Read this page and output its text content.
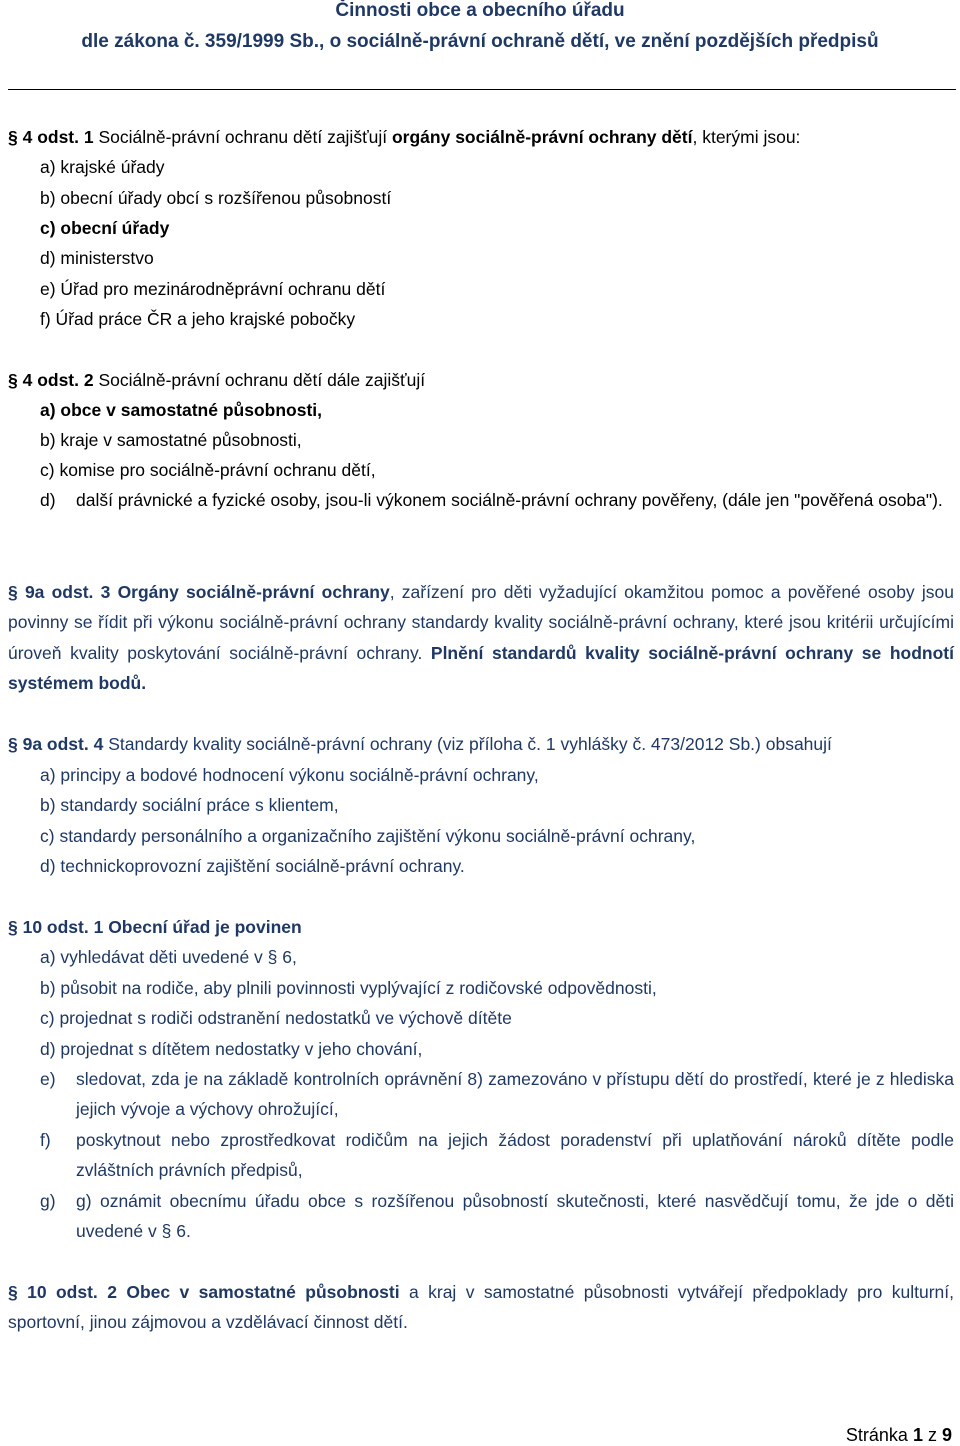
Činnosti obce a obecního úřadu
dle zákona č. 359/1999 Sb., o sociálně-právní ochraně dětí, ve znění pozdějších předpisů
§ 4 odst. 1 Sociálně-právní ochranu dětí zajišťují orgány sociálně-právní ochrany dětí, kterými jsou:
a) krajské úřady
b) obecní úřady obcí s rozšířenou působností
c) obecní úřady
d) ministerstvo
e) Úřad pro mezinárodněprávní ochranu dětí
f) Úřad práce ČR a jeho krajské pobočky
§ 4 odst. 2 Sociálně-právní ochranu dětí dále zajišťují
a) obce v samostatné působnosti,
b) kraje v samostatné působnosti,
c) komise pro sociálně-právní ochranu dětí,
d) další právnické a fyzické osoby, jsou-li výkonem sociálně-právní ochrany pověřeny, (dále jen "pověřená osoba").
§ 9a odst. 3 Orgány sociálně-právní ochrany, zařízení pro děti vyžadující okamžitou pomoc a pověřené osoby jsou povinny se řídit při výkonu sociálně-právní ochrany standardy kvality sociálně-právní ochrany, které jsou kritérii určujícími úroveň kvality poskytování sociálně-právní ochrany. Plnění standardů kvality sociálně-právní ochrany se hodnotí systémem bodů.
§ 9a odst. 4 Standardy kvality sociálně-právní ochrany (viz příloha č. 1 vyhlášky č. 473/2012 Sb.) obsahují
a) principy a bodové hodnocení výkonu sociálně-právní ochrany,
b) standardy sociální práce s klientem,
c) standardy personálního a organizačního zajištění výkonu sociálně-právní ochrany,
d) technickoprovozní zajištění sociálně-právní ochrany.
§ 10 odst. 1 Obecní úřad je povinen
a) vyhledávat děti uvedené v § 6,
b) působit na rodiče, aby plnili povinnosti vyplývající z rodičovské odpovědnosti,
c) projednat s rodiči odstranění nedostatků ve výchově dítěte
d) projednat s dítětem nedostatky v jeho chování,
e) sledovat, zda je na základě kontrolních oprávnění 8) zamezováno v přístupu dětí do prostředí, které je z hlediska jejich vývoje a výchovy ohrožující,
f) poskytnout nebo zprostředkovat rodičům na jejich žádost poradenství při uplatňování nároků dítěte podle zvláštních právních předpisů,
g) g) oznámit obecnímu úřadu obce s rozšířenou působností skutečnosti, které nasvědčují tomu, že jde o děti uvedené v § 6.
§ 10 odst. 2 Obec v samostatné působnosti a kraj v samostatné působnosti vytvářejí předpoklady pro kulturní, sportovní, jinou zájmovou a vzdělávací činnost dětí.
Stránka 1 z 9
